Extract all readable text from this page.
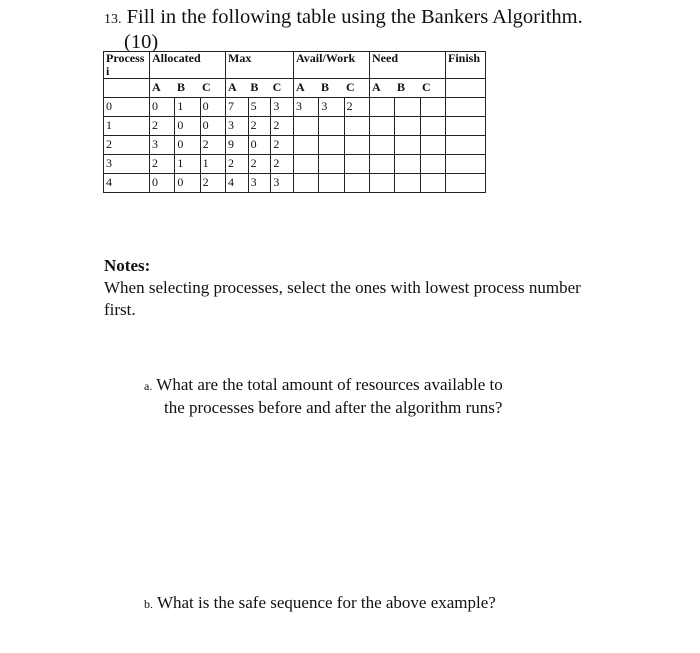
13. Fill in the following table using the Bankers Algorithm.
(10)
Process
i	Allocated	Max	Avail/Work	Need	Finish

	A B C	A B C	A B C	A B C	

0	0 1 0	7 5 3	3 3 2		

1	2 0 0	3 2 2			

2	3 0 2	9 0 2			

3	2 1 1	2 2 2			

4	0 0 2	4 3 3			

Notes:
When selecting processes, select the ones with lowest process number first.
a. What are the total amount of resources available to
the processes before and after the algorithm runs?
b. What is the safe sequence for the above example?
